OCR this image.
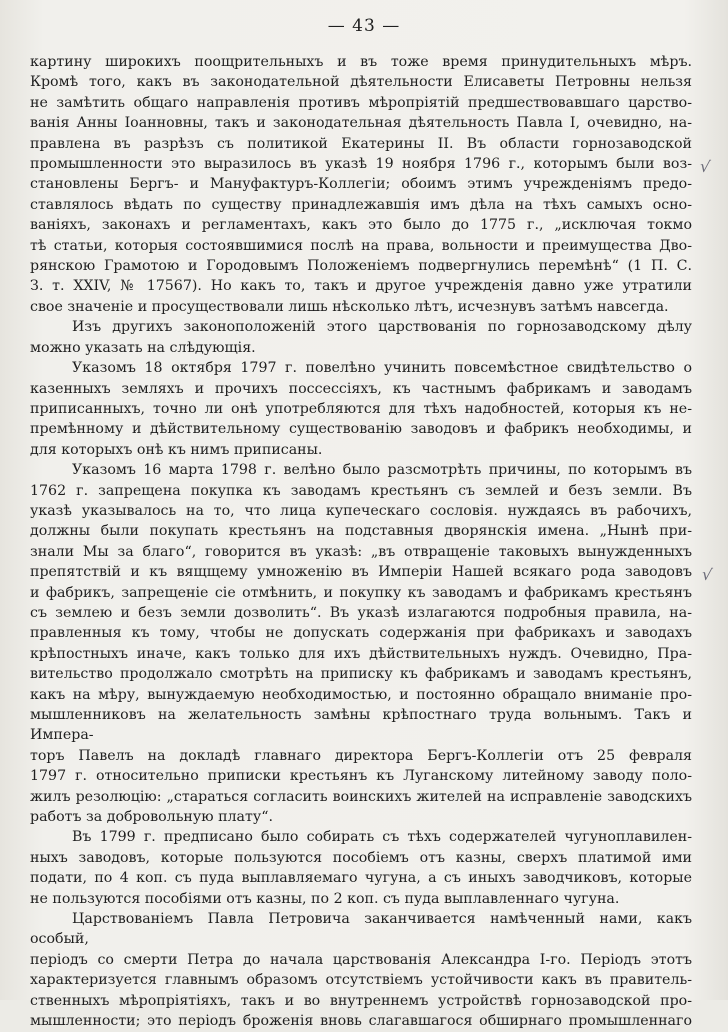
— 43 —

картину широкихъ поощрительныхъ и въ тоже время принудительныхъ мѣръ.

Кромѣ того, какъ въ законодательной дѣятельности Елисаветы Петровны нельзя

не замѣтить общаго направленія противъ мѣропріятій предшествовавшаго царство-

ванія Анны Іоанновны, такъ и законодательная дѣятельность Павла I, очевидно, на-

правлена въ разрѣзъ съ политикой Екатерины II. Въ области горнозаводской

промышленности это выразилось въ указѣ 19 ноября 1796 г., которымъ были воз-

становлены Бергъ- и Мануфактуръ-Коллегіи; обоимъ этимъ учрежденіямъ предо-

ставлялось вѣдать по существу принадлежавшія имъ дѣла на тѣхъ самыхъ осно-

ваніяхъ, законахъ и регламентахъ, какъ это было до 1775 г., „исключая токмо

тѣ статьи, которыя состоявшимися послѣ на права, вольности и преимущества Дво-

рянскою Грамотою и Городовымъ Положеніемъ подвергнулись перемѣнѣ“ (1 П. С.

З. т. XXIV, № 17567). Но какъ то, такъ и другое учрежденія давно уже утратили

свое значеніе и просуществовали лишь нѣсколько лѣтъ, исчезнувъ затѣмъ навсегда.

Изъ другихъ законоположеній этого царствованія по горнозаводскому дѣлу

можно указать на слѣдующія.

Указомъ 18 октября 1797 г. повелѣно учинить повсемѣстное свидѣтельство о

казенныхъ земляхъ и прочихъ поссессіяхъ, къ частнымъ фабрикамъ и заводамъ

приписанныхъ, точно ли онѣ употребляются для тѣхъ надобностей, которыя къ не-

премѣнному и дѣйствительному существованію заводовъ и фабрикъ необходимы, и

для которыхъ онѣ къ нимъ приписаны.

Указомъ 16 марта 1798 г. велѣно было разсмотрѣть причины, по которымъ въ

1762 г. запрещена покупка къ заводамъ крестьянъ съ землей и безъ земли. Въ

указѣ указывалось на то, что лица купеческаго сословія. нуждаясь въ рабочихъ,

должны были покупать крестьянъ на подставныя дворянскія имена. „Нынѣ при-

знали Мы за благо“, говорится въ указѣ: „въ отвращеніе таковыхъ вынужденныхъ

препятствій и къ вящщему умноженію въ Имперіи Нашей всякаго рода заводовъ

и фабрикъ, запрещеніе сіе отмѣнить, и покупку къ заводамъ и фабрикамъ крестьянъ

съ землею и безъ земли дозволить“. Въ указѣ излагаются подробныя правила, на-

правленныя къ тому, чтобы не допускать содержанія при фабрикахъ и заводахъ

крѣпостныхъ иначе, какъ только для ихъ дѣйствительныхъ нуждъ. Очевидно, Пра-

вительство продолжало смотрѣть на приписку къ фабрикамъ и заводамъ крестьянъ,

какъ на мѣру, вынуждаемую необходимостью, и постоянно обращало вниманіе про-

мышленниковъ на желательность замѣны крѣпостнаго труда вольнымъ. Такъ и Импера-

торъ Павелъ на докладѣ главнаго директора Бергъ-Коллегіи отъ 25 февраля

1797 г. относительно приписки крестьянъ къ Луганскому литейному заводу поло-

жилъ резолюцію: „стараться согласить воинскихъ жителей на исправленіе заводскихъ

работъ за добровольную плату“.

Въ 1799 г. предписано было собирать съ тѣхъ содержателей чугуноплавилен-

ныхъ заводовъ, которые пользуются пособіемъ отъ казны, сверхъ платимой ими

подати, по 4 коп. съ пуда выплавляемаго чугуна, а съ иныхъ заводчиковъ, которые

не пользуются пособіями отъ казны, по 2 коп. съ пуда выплавленнаго чугуна.

Царствованіемъ Павла Петровича заканчивается намѣченный нами, какъ особый,

періодъ со смерти Петра до начала царствованія Александра І-го. Періодъ этотъ

характеризуется главнымъ образомъ отсутствіемъ устойчивости какъ въ правитель-

ственныхъ мѣропріятіяхъ, такъ и во внутреннемъ устройствѣ горнозаводской про-

мышленности; это періодъ броженія вновь слагавшагося обширнаго промышленнаго

√
√
